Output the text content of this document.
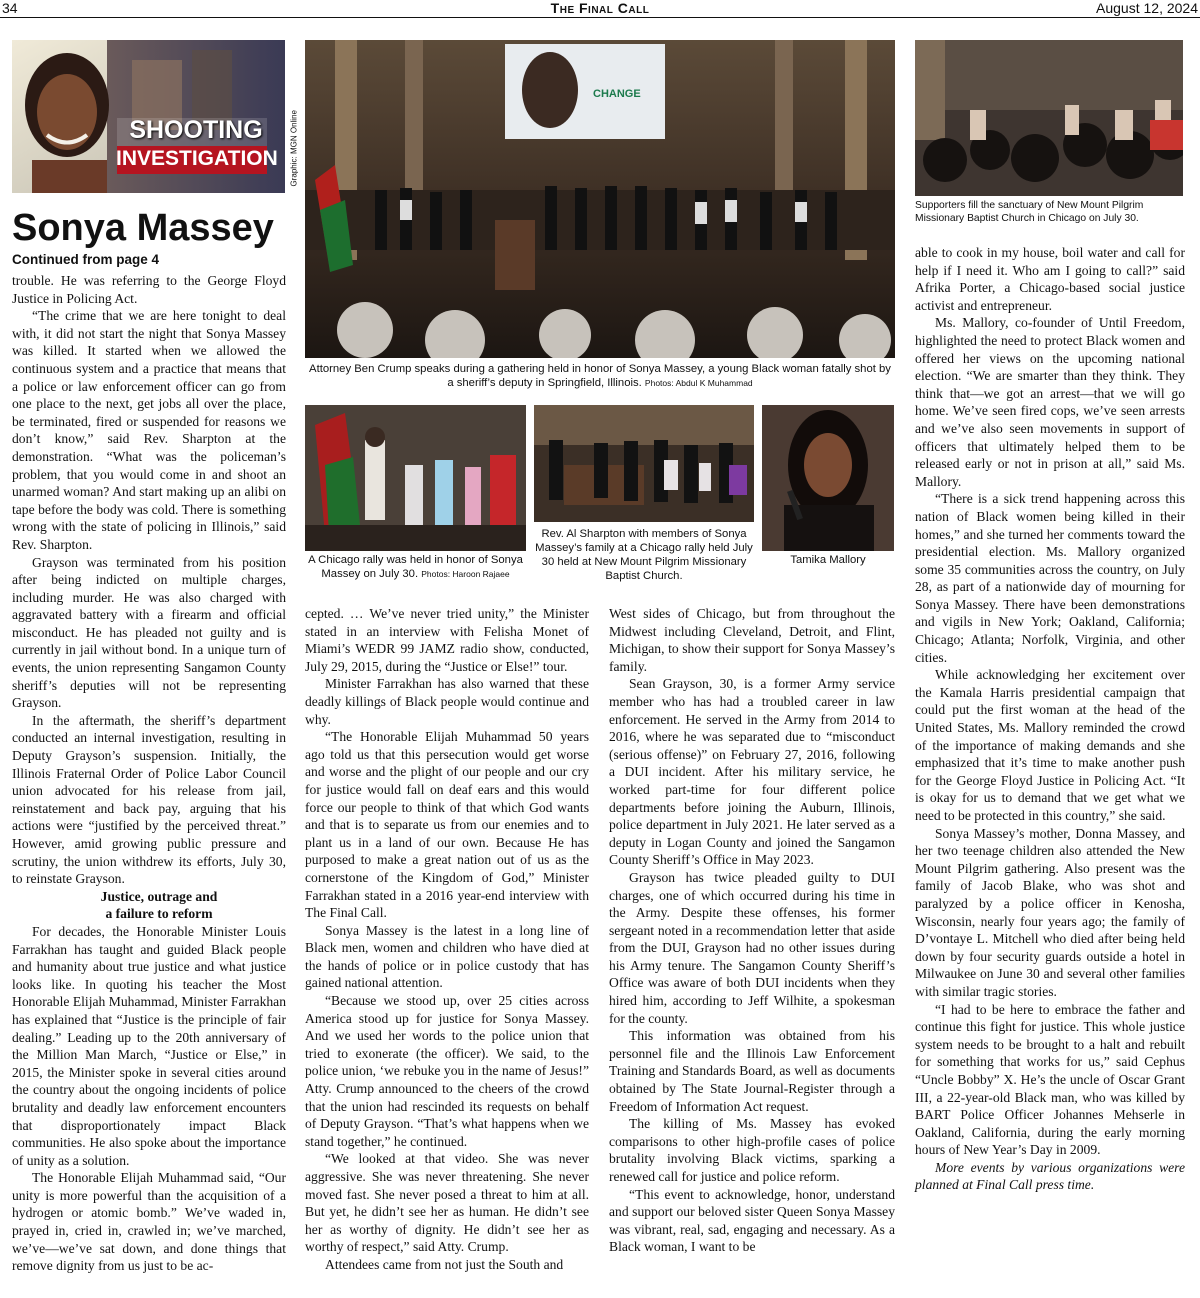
34	The Final Call	August 12, 2024
SHOOTING
INVESTIGATION Graphic: MGN Online
Sonya Massey
Continued from page 4
CHANGE
Attorney Ben Crump speaks during a gathering held in honor of Sonya Massey, a young Black woman fatally shot by a sheriff’s deputy in Springfield, Illinois. Photos: Abdul K Muhammad
Supporters fill the sanctuary of New Mount Pilgrim Missionary Baptist Church in Chicago on July 30.
A Chicago rally was held in honor of Sonya Massey on July 30. Photos: Haroon Rajaee
Rev. Al Sharpton with members of Sonya Massey’s family at a Chicago rally held July 30 held at New Mount Pilgrim Missionary Baptist Church.
Tamika Mallory

trouble. He was referring to the George Floyd Justice in Policing Act.

“The crime that we are here tonight to deal with, it did not start the night that Sonya Massey was killed. It started when we allowed the continuous system and a practice that means that a police or law enforcement officer can go from one place to the next, get jobs all over the place, be terminated, fired or suspended for reasons we don’t know,” said Rev. Sharpton at the demonstration. “What was the policeman’s problem, that you would come in and shoot an unarmed woman? And start making up an alibi on tape before the body was cold. There is something wrong with the state of policing in Illinois,” said Rev. Sharpton.

Grayson was terminated from his position after being indicted on multiple charges, including murder. He was also charged with aggravated battery with a firearm and official misconduct. He has pleaded not guilty and is currently in jail without bond. In a unique turn of events, the union representing Sangamon County sheriff’s deputies will not be representing Grayson.

In the aftermath, the sheriff’s department conducted an internal investigation, resulting in Deputy Grayson’s suspension. Initially, the Illinois Fraternal Order of Police Labor Council union advocated for his release from jail, reinstatement and back pay, arguing that his actions were “justified by the perceived threat.” However, amid growing public pressure and scrutiny, the union withdrew its efforts, July 30, to reinstate Grayson.

Justice, outrage and

a failure to reform

For decades, the Honorable Minister Louis Farrakhan has taught and guided Black people and humanity about true justice and what justice looks like. In quoting his teacher the Most Honorable Elijah Muhammad, Minister Farrakhan has explained that “Justice is the principle of fair dealing.” Leading up to the 20th anniversary of the Million Man March, “Justice or Else,” in 2015, the Minister spoke in several cities around the country about the ongoing incidents of police brutality and deadly law enforcement encounters that disproportionately impact Black communities. He also spoke about the importance of unity as a solution.

The Honorable Elijah Muhammad said, “Our unity is more powerful than the acquisition of a hydrogen or atomic bomb.” We’ve waded in, prayed in, cried in, crawled in; we’ve marched, we’ve—we’ve sat down, and done things that remove dignity from us just to be ac-

cepted. … We’ve never tried unity,” the Minister stated in an interview with Felisha Monet of Miami’s WEDR 99 JAMZ radio show, conducted, July 29, 2015, during the “Justice or Else!” tour.

Minister Farrakhan has also warned that these deadly killings of Black people would continue and why.

“The Honorable Elijah Muhammad 50 years ago told us that this persecution would get worse and worse and the plight of our people and our cry for justice would fall on deaf ears and this would force our people to think of that which God wants and that is to separate us from our enemies and to plant us in a land of our own. Because He has purposed to make a great nation out of us as the cornerstone of the Kingdom of God,” Minister Farrakhan stated in a 2016 year-end interview with The Final Call.

Sonya Massey is the latest in a long line of Black men, women and children who have died at the hands of police or in police custody that has gained national attention.

“Because we stood up, over 25 cities across America stood up for justice for Sonya Massey. And we used her words to the police union that tried to exonerate (the officer). We said, to the police union, ‘we rebuke you in the name of Jesus!” Atty. Crump announced to the cheers of the crowd that the union had rescinded its requests on behalf of Deputy Grayson. “That’s what happens when we stand together,” he continued.

“We looked at that video. She was never aggressive. She was never threatening. She never moved fast. She never posed a threat to him at all. But yet, he didn’t see her as human. He didn’t see her as worthy of dignity. He didn’t see her as worthy of respect,” said Atty. Crump.

Attendees came from not just the South and

West sides of Chicago, but from throughout the Midwest including Cleveland, Detroit, and Flint, Michigan, to show their support for Sonya Massey’s family.

Sean Grayson, 30, is a former Army service member who has had a troubled career in law enforcement. He served in the Army from 2014 to 2016, where he was separated due to “misconduct (serious offense)” on February 27, 2016, following a DUI incident. After his military service, he worked part-time for four different police departments before joining the Auburn, Illinois, police department in July 2021. He later served as a deputy in Logan County and joined the Sangamon County Sheriff’s Office in May 2023.

Grayson has twice pleaded guilty to DUI charges, one of which occurred during his time in the Army. Despite these offenses, his former sergeant noted in a recommendation letter that aside from the DUI, Grayson had no other issues during his Army tenure. The Sangamon County Sheriff’s Office was aware of both DUI incidents when they hired him, according to Jeff Wilhite, a spokesman for the county.

This information was obtained from his personnel file and the Illinois Law Enforcement Training and Standards Board, as well as documents obtained by The State Journal-Register through a Freedom of Information Act request.

The killing of Ms. Massey has evoked comparisons to other high-profile cases of police brutality involving Black victims, sparking a renewed call for justice and police reform.

“This event to acknowledge, honor, understand and support our beloved sister Queen Sonya Massey was vibrant, real, sad, engaging and necessary. As a Black woman, I want to be

able to cook in my house, boil water and call for help if I need it. Who am I going to call?” said Afrika Porter, a Chicago-based social justice activist and entrepreneur.

Ms. Mallory, co-founder of Until Freedom, highlighted the need to protect Black women and offered her views on the upcoming national election. “We are smarter than they think. They think that—we got an arrest—that we will go home. We’ve seen fired cops, we’ve seen arrests and we’ve also seen movements in support of officers that ultimately helped them to be released early or not in prison at all,” said Ms. Mallory.

“There is a sick trend happening across this nation of Black women being killed in their homes,” and she turned her comments toward the presidential election. Ms. Mallory organized some 35 communities across the country, on July 28, as part of a nationwide day of mourning for Sonya Massey. There have been demonstrations and vigils in New York; Oakland, California; Chicago; Atlanta; Norfolk, Virginia, and other cities.

While acknowledging her excitement over the Kamala Harris presidential campaign that could put the first woman at the head of the United States, Ms. Mallory reminded the crowd of the importance of making demands and she emphasized that it’s time to make another push for the George Floyd Justice in Policing Act. “It is okay for us to demand that we get what we need to be protected in this country,” she said.

Sonya Massey’s mother, Donna Massey, and her two teenage children also attended the New Mount Pilgrim gathering. Also present was the family of Jacob Blake, who was shot and paralyzed by a police officer in Kenosha, Wisconsin, nearly four years ago; the family of D’vontaye L. Mitchell who died after being held down by four security guards outside a hotel in Milwaukee on June 30 and several other families with similar tragic stories.

“I had to be here to embrace the father and continue this fight for justice. This whole justice system needs to be brought to a halt and rebuilt for something that works for us,” said Cephus “Uncle Bobby” X. He’s the uncle of Oscar Grant III, a 22-year-old Black man, who was killed by BART Police Officer Johannes Mehserle in Oakland, California, during the early morning hours of New Year’s Day in 2009.

More events by various organizations were planned at Final Call press time.
